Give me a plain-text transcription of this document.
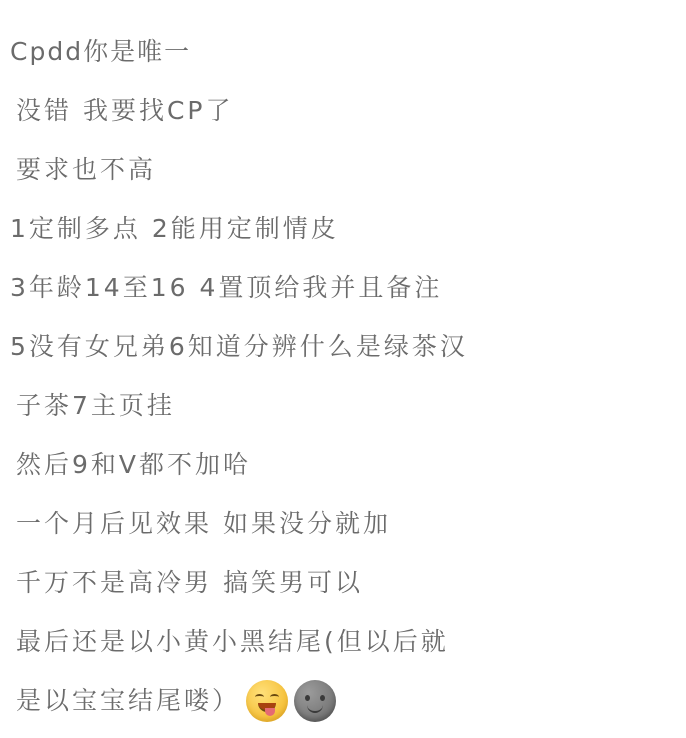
Cpdd你是唯一
没错 我要找CP了
要求也不高
1定制多点 2能用定制情皮
3年龄14至16 4置顶给我并且备注
5没有女兄弟6知道分辨什么是绿茶汉
子茶7主页挂
然后9和V都不加哈
一个月后见效果 如果没分就加
千万不是高冷男 搞笑男可以
最后还是以小黄小黑结尾(但以后就
是以宝宝结尾喽）
